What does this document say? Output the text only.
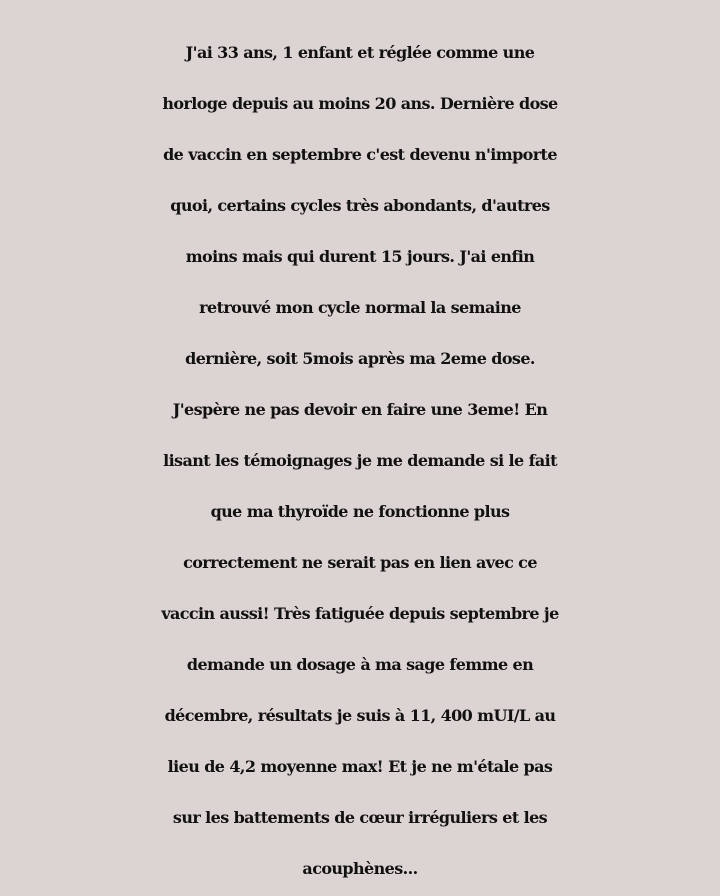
J'ai 33 ans, 1 enfant et réglée comme une
horloge depuis au moins 20 ans. Dernière dose
de vaccin en septembre c'est devenu n'importe
quoi, certains cycles très abondants, d'autres
moins mais qui durent 15 jours. J'ai enfin
retrouvé mon cycle normal la semaine
dernière, soit 5mois après ma 2eme dose.
J'espère ne pas devoir en faire une 3eme! En
lisant les témoignages je me demande si le fait
que ma thyroïde ne fonctionne plus
correctement ne serait pas en lien avec ce
vaccin aussi! Très fatiguée depuis septembre je
demande un dosage à ma sage femme en
décembre, résultats je suis à 11, 400 mUI/L au
lieu de 4,2 moyenne max! Et je ne m'étale pas
sur les battements de cœur irréguliers et les
acouphènes...
